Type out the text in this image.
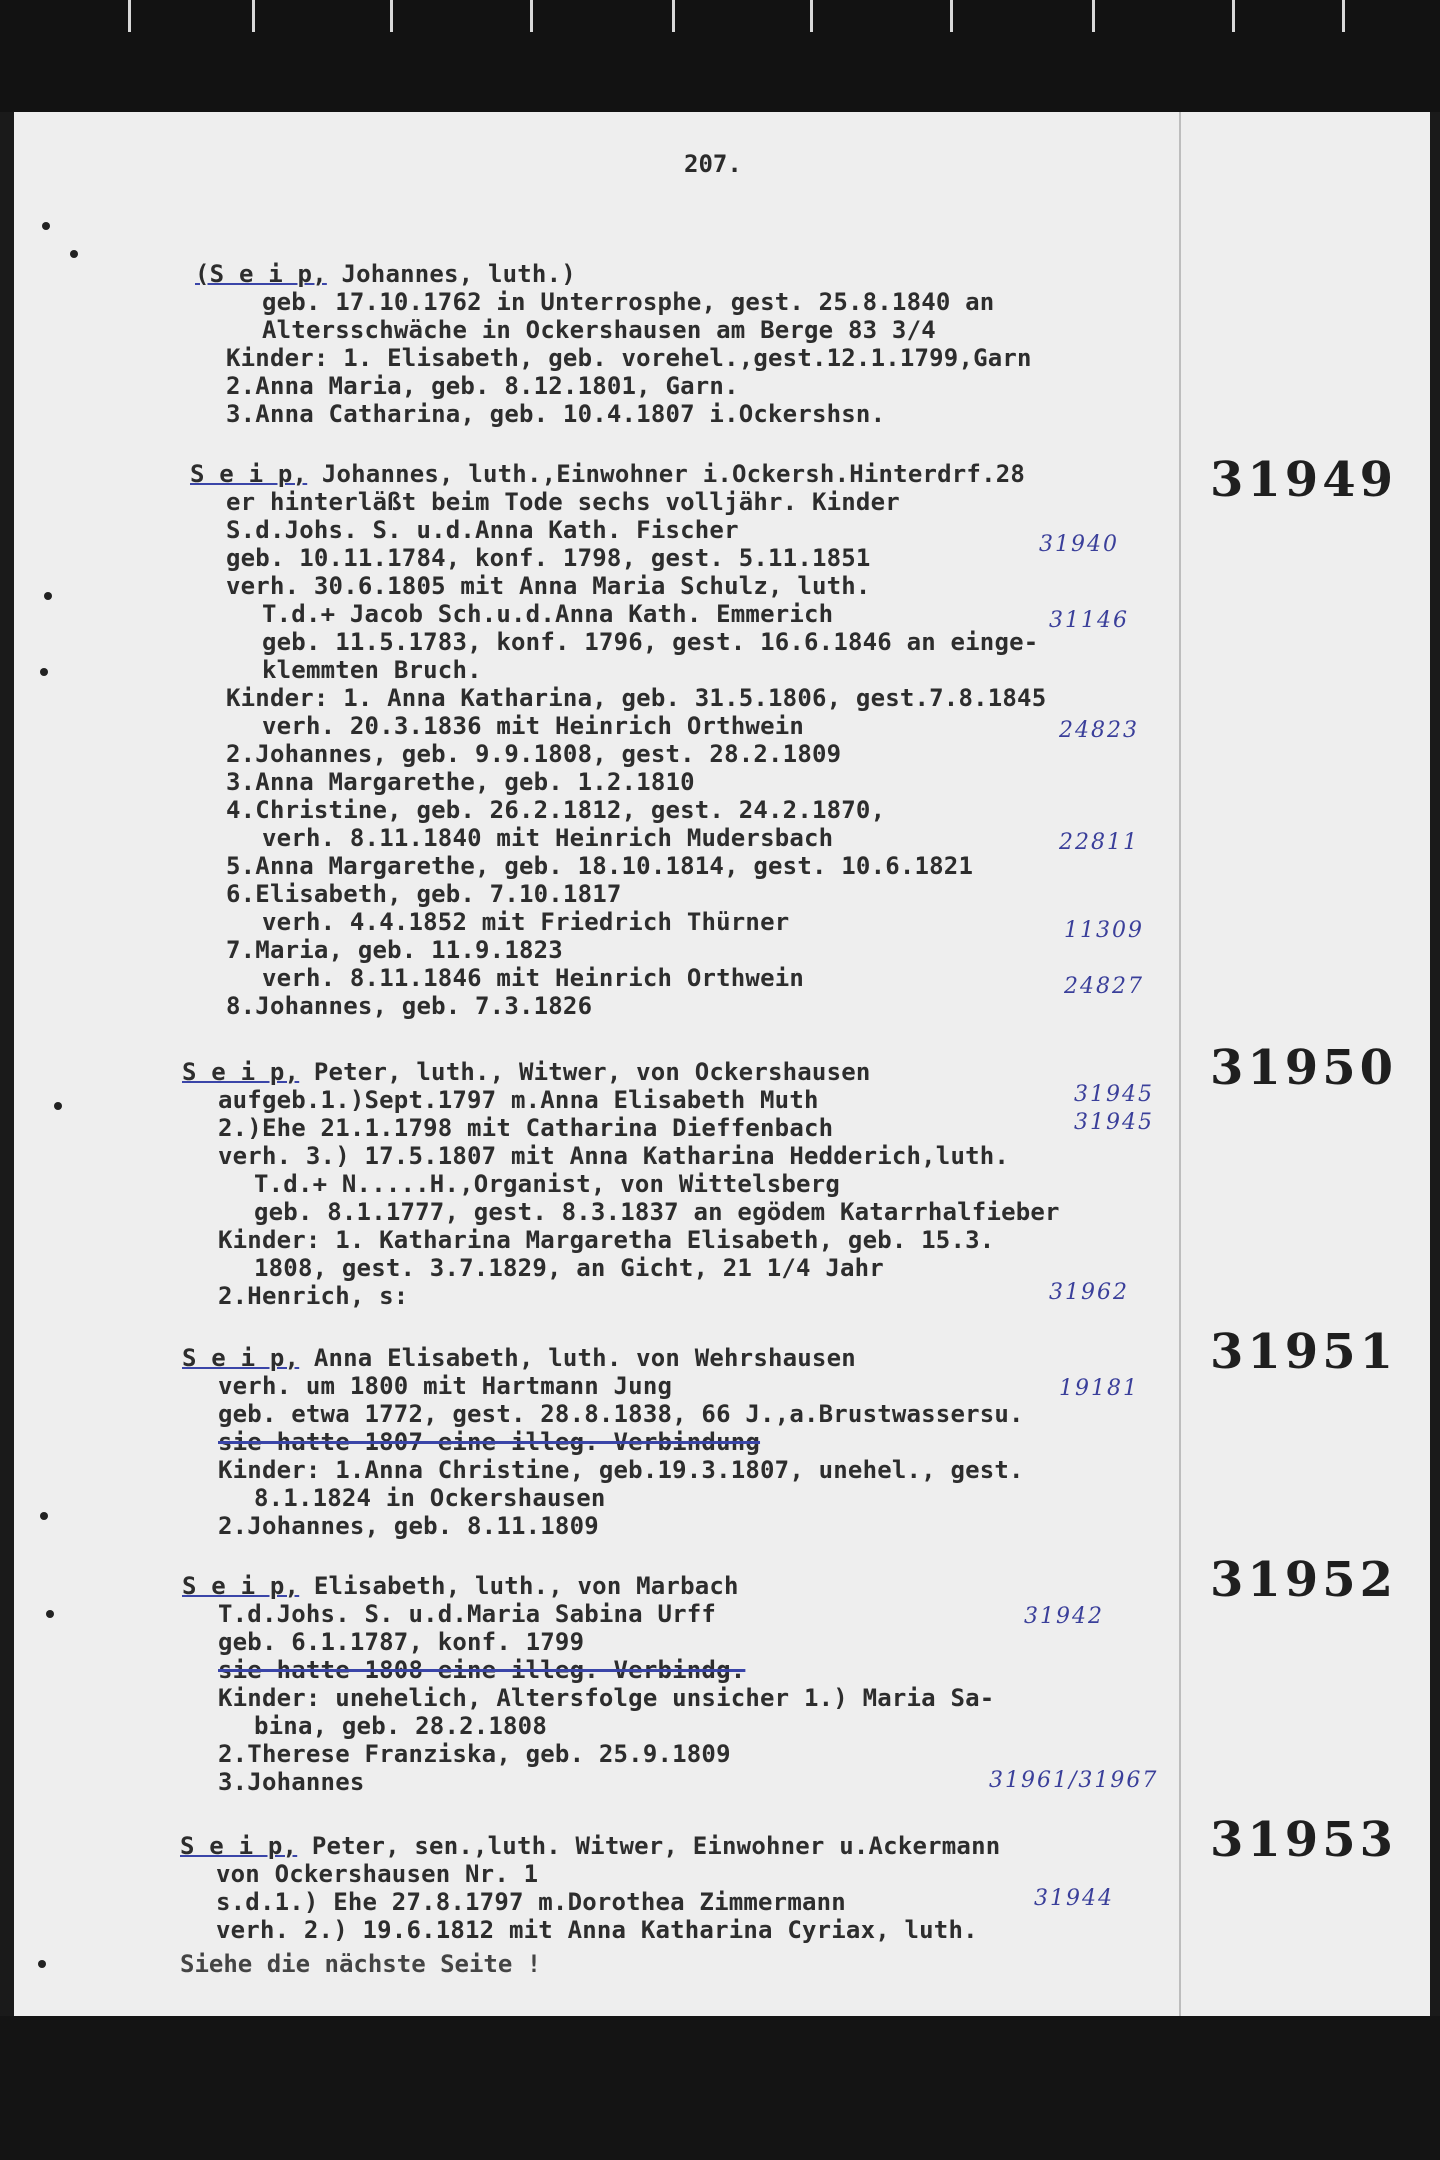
207.
(S e i p, Johannes, luth.)
geb. 17.10.1762 in Unterrosphe, gest. 25.8.1840 an
Altersschwäche in Ockershausen am Berge 83 3/4
Kinder: 1. Elisabeth, geb. vorehel.,gest.12.1.1799,Garn
2.Anna Maria, geb. 8.12.1801, Garn.
3.Anna Catharina, geb. 10.4.1807 i.Ockershsn.
S e i p, Johannes, luth.,Einwohner i.Ockersh.Hinterdrf.28
er hinterläßt beim Tode sechs volljähr. Kinder
S.d.Johs. S. u.d.Anna Kath. Fischer
geb. 10.11.1784, konf. 1798, gest. 5.11.1851
verh. 30.6.1805 mit Anna Maria Schulz, luth.
T.d.+ Jacob Sch.u.d.Anna Kath. Emmerich
geb. 11.5.1783, konf. 1796, gest. 16.6.1846 an einge-
klemmten Bruch.
Kinder: 1. Anna Katharina, geb. 31.5.1806, gest.7.8.1845
verh. 20.3.1836 mit Heinrich Orthwein
2.Johannes, geb. 9.9.1808, gest. 28.2.1809
3.Anna Margarethe, geb. 1.2.1810
4.Christine, geb. 26.2.1812, gest. 24.2.1870,
verh. 8.11.1840 mit Heinrich Mudersbach
5.Anna Margarethe, geb. 18.10.1814, gest. 10.6.1821
6.Elisabeth, geb. 7.10.1817
verh. 4.4.1852 mit Friedrich Thürner
7.Maria, geb. 11.9.1823
verh. 8.11.1846 mit Heinrich Orthwein
8.Johannes, geb. 7.3.1826
31949
31940
31146
24823
22811
11309
24827
S e i p, Peter, luth., Witwer, von Ockershausen
aufgeb.1.)Sept.1797 m.Anna Elisabeth Muth
2.)Ehe 21.1.1798 mit Catharina Dieffenbach
verh. 3.) 17.5.1807 mit Anna Katharina Hedderich,luth.
T.d.+ N.....H.,Organist, von Wittelsberg
geb. 8.1.1777, gest. 8.3.1837 an egödem Katarrhalfieber
Kinder: 1. Katharina Margaretha Elisabeth, geb. 15.3.
1808, gest. 3.7.1829, an Gicht, 21 1/4 Jahr
2.Henrich, s:
31950
31945
31945
31962
S e i p, Anna Elisabeth, luth. von Wehrshausen
verh. um 1800 mit Hartmann Jung
geb. etwa 1772, gest. 28.8.1838, 66 J.,a.Brustwassersu.
sie hatte 1807 eine illeg. Verbindung
Kinder: 1.Anna Christine, geb.19.3.1807, unehel., gest.
8.1.1824 in Ockershausen
2.Johannes, geb. 8.11.1809
31951
19181
S e i p, Elisabeth, luth., von Marbach
T.d.Johs. S. u.d.Maria Sabina Urff
geb. 6.1.1787, konf. 1799
sie hatte 1808 eine illeg. Verbindg.
Kinder: unehelich, Altersfolge unsicher 1.) Maria Sa-
bina, geb. 28.2.1808
2.Therese Franziska, geb. 25.9.1809
3.Johannes
31952
31942
31961/31967
S e i p, Peter, sen.,luth. Witwer, Einwohner u.Ackermann
von Ockershausen Nr. 1
s.d.1.) Ehe 27.8.1797 m.Dorothea Zimmermann
verh. 2.) 19.6.1812 mit Anna Katharina Cyriax, luth.
31953
31944
Siehe die nächste Seite !
